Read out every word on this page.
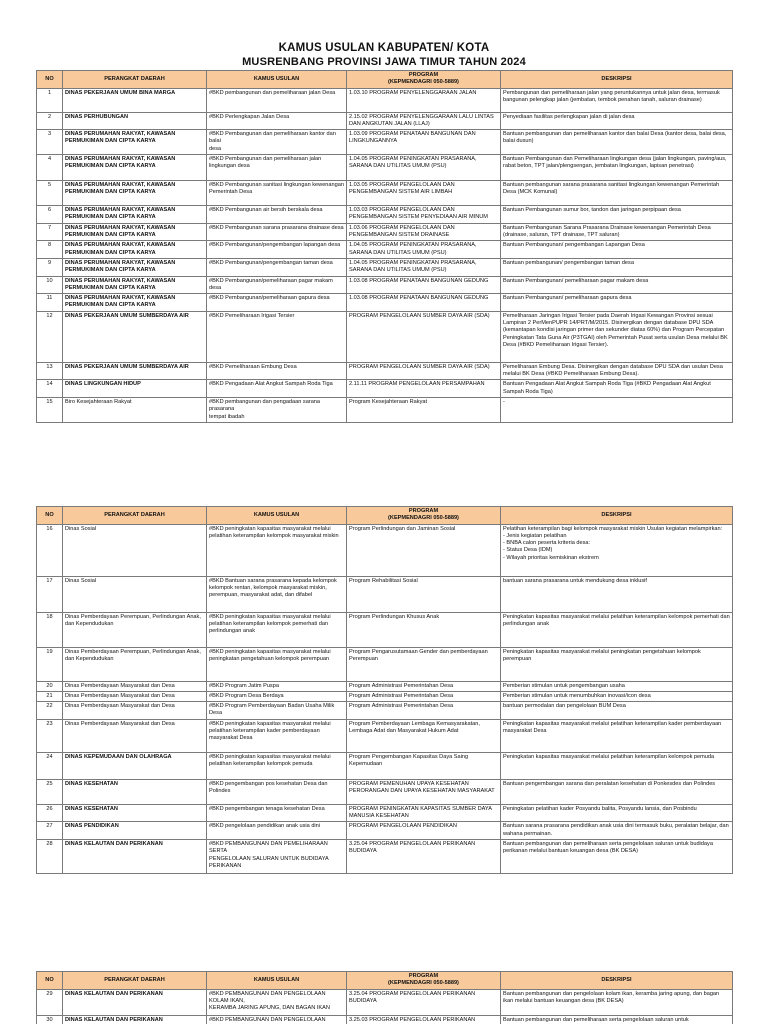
KAMUS USULAN KABUPATEN/ KOTA
MUSRENBANG PROVINSI JAWA TIMUR TAHUN 2024
NO	PERANGKAT DAERAH	KAMUS USULAN	PROGRAM
(KEPMENDAGRI 050-5889)	DESKRIPSI
1	DINAS PEKERJAAN UMUM BINA MARGA	#BKD pembangunan dan pemeliharaan jalan Desa	1.03.10 PROGRAM PENYELENGGARAAN JALAN	Pembangunan dan pemeliharaan jalan yang peruntukannya untuk jalan desa, termasuk bangunan pelengkap jalan (jembatan, tembok penahan tanah, saluran drainase)
2	DINAS PERHUBUNGAN	#BKD Perlengkapan Jalan Desa	2.15.02 PROGRAM PENYELENGGARAAN LALU LINTAS DAN ANGKUTAN JALAN (LLAJ)	Penyediaan fasilitas perlengkapan jalan di jalan desa
3	DINAS PERUMAHAN RAKYAT, KAWASAN PERMUKIMAN DAN CIPTA KARYA	#BKD Pembangunan dan pemeliharaan kantor dan balai
desa	1.03.09 PROGRAM PENATAAN BANGUNAN DAN LINGKUNGANNYA	Bantuan pembangunan dan pemeliharaan kantor dan balai Desa (kantor desa, balai desa, balai dusun)
4	DINAS PERUMAHAN RAKYAT, KAWASAN PERMUKIMAN DAN CIPTA KARYA	#BKD Pembangunan dan pemeliharaan jalan lingkungan desa	1.04.05 PROGRAM PENINGKATAN PRASARANA, SARANA DAN UTILITAS UMUM (PSU)	Bantuan Pembangunan dan Pemeliharaan lingkungan desa (jalan lingkungan, paving/aus, rabat beton, TPT jalan/plengsengan, jembatan lingkungan, lapisan penetrasi)
5	DINAS PERUMAHAN RAKYAT, KAWASAN PERMUKIMAN DAN CIPTA KARYA	#BKD Pembangunan sanitasi lingkungan kewenangan
Pemerintah Desa	1.03.05 PROGRAM PENGELOLAAN DAN PENGEMBANGAN SISTEM AIR LIMBAH	Bantuan pembangunan sarana prasarana sanitasi lingkungan kewenangan Pemerintah Desa (MCK Komunal)
6	DINAS PERUMAHAN RAKYAT, KAWASAN PERMUKIMAN DAN CIPTA KARYA	#BKD Pembangunan air bersih berskala desa	1.03.03 PROGRAM PENGELOLAAN DAN PENGEMBANGAN SISTEM PENYEDIAAN AIR MINUM	Bantuan Pembangunan sumur bor, tandon dan jaringan perpipaan desa
7	DINAS PERUMAHAN RAKYAT, KAWASAN PERMUKIMAN DAN CIPTA KARYA	#BKD Pembangunan sarana prasarana drainase desa	1.03.06 PROGRAM PENGELOLAAN DAN PENGEMBANGAN SISTEM DRAINASE	Bantuan Pembangunan Sarana Prasarana Drainase kewenangan Pemerintah Desa (drainase, saluran, TPT drainase, TPT saluran)
8	DINAS PERUMAHAN RAKYAT, KAWASAN PERMUKIMAN DAN CIPTA KARYA	#BKD Pembangunan/pengembangan lapangan desa	1.04.05 PROGRAM PENINGKATAN PRASARANA, SARANA DAN UTILITAS UMUM (PSU)	Bantuan Pembangunan/ pengembangan Lapangan Desa
9	DINAS PERUMAHAN RAKYAT, KAWASAN PERMUKIMAN DAN CIPTA KARYA	#BKD Pembangunan/pengembangan taman desa	1.04.05 PROGRAM PENINGKATAN PRASARANA, SARANA DAN UTILITAS UMUM (PSU)	Bantuan pembangunan/ pengembangan taman desa
10	DINAS PERUMAHAN RAKYAT, KAWASAN PERMUKIMAN DAN CIPTA KARYA	#BKD Pembangunan/pemeliharaan pagar makam desa	1.03.08 PROGRAM PENATAAN BANGUNAN GEDUNG	Bantuan Pembangunan/ pemeliharaan pagar makam desa
11	DINAS PERUMAHAN RAKYAT, KAWASAN PERMUKIMAN DAN CIPTA KARYA	#BKD Pembangunan/pemeliharaan gapura desa	1.03.08 PROGRAM PENATAAN BANGUNAN GEDUNG	Bantuan Pembangunan/ pemeliharaan gapura desa
12	DINAS PEKERJAAN UMUM SUMBERDAYA AIR	#BKD Pemeliharaan Irigasi Tersier	PROGRAM PENGELOLAAN SUMBER DAYA AIR (SDA)	Pemeliharaan Jaringan Irigasi Tersier pada Daerah Irigasi Kewangan Provinsi sesuai Lampiran 2 PerMenPUPR 14/PRT/M/2015. Disinergikan dengan database DPU SDA (kemantapan kondisi jaringan primer dan sekunder diatas 60%) dan Program Percepatan Peningkatan Tata Guna Air (P3TGAI) oleh Pemerintah Pusat serta usulan Desa melalui BK Desa (#BKD Pemeliharaan Irigasi Tersier).
13	DINAS PEKERJAAN UMUM SUMBERDAYA AIR	#BKD Pemeliharaan Embung Desa	PROGRAM PENGELOLAAN SUMBER DAYA AIR (SDA)	Pemeliharaan Embung Desa. Disinergikan dengan database DPU SDA dan usulan Desa melalui BK Desa (#BKD Pemeliharaan Embung Desa).
14	DINAS LINGKUNGAN HIDUP	#BKD Pengadaan Alat Angkut Sampah Roda Tiga	2.11.11 PROGRAM PENGELOLAAN PERSAMPAHAN	Bantuan Pengadaan Alat Angkut Sampah Roda Tiga (#BKD Pengadaan Alat Angkut Sampah Roda Tiga)
15	Biro Kesejahteraan Rakyat	#BKD pembangunan dan pengadaan sarana prasarana
tempat ibadah	Program Kesejahteraan Rakyat	-
NO	PERANGKAT DAERAH	KAMUS USULAN	PROGRAM
(KEPMENDAGRI 050-5889)	DESKRIPSI
16	Dinas Sosial	#BKD peningkatan kapasitas masyarakat melalui pelatihan keterampilan kelompok masyarakat miskin	Program Perlindungan dan Jaminan Sosial	Pelatihan keterampilan bagi kelompok masyarakat miskin Usulan kegiatan melampirkan:
- Jenis kegiatan pelatihan
- BNBA calon peserta kriteria desa:
- Status Desa (IDM)
- Wilayah prioritas kemiskinan ekstrem
17	Dinas Sosial	#BKD Bantuan sarana prasarana kepada kelompok kelompok rentan, kelompok masyarakat miskin, perempuan, masyarakat adat, dan difabel	Program Rehabilitasi Sosial	bantuan sarana prasarana untuk mendukung desa inklusif
18	Dinas Pemberdayaan Perempuan, Perlindungan Anak, dan Kependudukan	#BKD peningkatan kapasitas masyarakat melalui pelatihan keterampilan kelompok pemerhati dan perlindungan anak	Program Perlindungan Khusus Anak	Peningkatan kapasitas masyarakat melalui pelatihan keterampilan kelompok pemerhati dan perlindungan anak
19	Dinas Pemberdayaan Perempuan, Perlindungan Anak, dan Kependudukan	#BKD peningkatan kapasitas masyarakat melalui peningkatan pengetahuan kelompok perempuan	Program Pengarusutamaan Gender dan pemberdayaan Perempuan	Peningkatan kapasitas masyarakat melalui peningkatan pengetahuan kelompok perempuan
20	Dinas Pemberdayaan Masyarakat dan Desa	#BKD Program Jatim Puspa	Program Administrasi Pemerintahan Desa	Pemberian stimulan untuk pengembangan usaha
21	Dinas Pemberdayaan Masyarakat dan Desa	#BKD Program Desa Berdaya	Program Administrasi Pemerintahan Desa	Pemberian stimulan untuk menumbuhkan inovasi/icon desa
22	Dinas Pemberdayaan Masyarakat dan Desa	#BKD Program Pemberdayaan Badan Usaha Milik Desa	Program Administrasi Pemerintahan Desa	bantuan permodalan dan pengelolaan BUM Desa
23	Dinas Pemberdayaan Masyarakat dan Desa	#BKD peningkatan kapasitas masyarakat melalui pelatihan keterampilan kader pemberdayaan masyarakat Desa	Program Pemberdayaan Lembaga Kemasyarakatan, Lembaga Adat dan Masyarakat Hukum Adat	Peningkatan kapasitas masyarakat melalui pelatihan keterampilan kader pemberdayaan masyarakat Desa
24	DINAS KEPEMUDAAN DAN OLAHRAGA	#BKD peningkatan kapasitas masyarakat melalui pelatihan keterampilan kelompok pemuda	Program Pengembangan Kapasitas Daya Saing Kepemudaan	Peningkatan kapasitas masyarakat melalui pelatihan keterampilan kelompok pemuda
25	DINAS KESEHATAN	#BKD pengembangan pos kesehatan Desa dan Polindes	PROGRAM PEMENUHAN UPAYA KESEHATAN PERORANGAN DAN UPAYA KESEHATAN MASYARAKAT	Bantuan pengembangan sarana dan peralatan kesehatan di Ponkesdes dan Polindes
26	DINAS KESEHATAN	#BKD pengembangan tenaga kesehatan Desa	PROGRAM PENINGKATAN KAPASITAS SUMBER DAYA MANUSIA KESEHATAN	Peningkatan pelatihan kader Posyandu balita, Posyandu lansia, dan Posbindu
27	DINAS PENDIDIKAN	#BKD pengelolaan pendidikan anak usia dini	PROGRAM PENGELOLAAN PENDIDIKAN	Bantuan sarana prasarana pendidikan anak usia dini termasuk buku, peralatan belajar, dan wahana permainan.
28	DINAS KELAUTAN DAN PERIKANAN	#BKD PEMBANGUNAN DAN PEMELIHARAAN SERTA
PENGELOLAAN SALURAN UNTUK BUDIDAYA
PERIKANAN	3.25.04 PROGRAM PENGELOLAAN PERIKANAN BUDIDAYA	Bantuan pembangunan dan pemeliharaan serta pengelolaan saluran untuk budidaya perikanan melalui bantuan keuangan desa (BK DESA)
NO	PERANGKAT DAERAH	KAMUS USULAN	PROGRAM
(KEPMENDAGRI 050-5889)	DESKRIPSI
29	DINAS KELAUTAN DAN PERIKANAN	#BKD PEMBANGUNAN DAN PENGELOLAAN KOLAM IKAN,
KERAMBA JARING APUNG, DAN BAGAN IKAN	3.25.04 PROGRAM PENGELOLAAN PERIKANAN BUDIDAYA	Bantuan pembangunan dan pengelolaan kolam ikan, keramba jaring apung, dan bagan ikan melalui bantuan keuangan desa (BK DESA)
30	DINAS KELAUTAN DAN PERIKANAN	#BKD PEMBANGUNAN DAN PENGELOLAAN	3.25.03 PROGRAM PENGELOLAAN PERIKANAN	Bantuan pembangunan dan pemeliharaan serta pengelolaan saluran untuk
